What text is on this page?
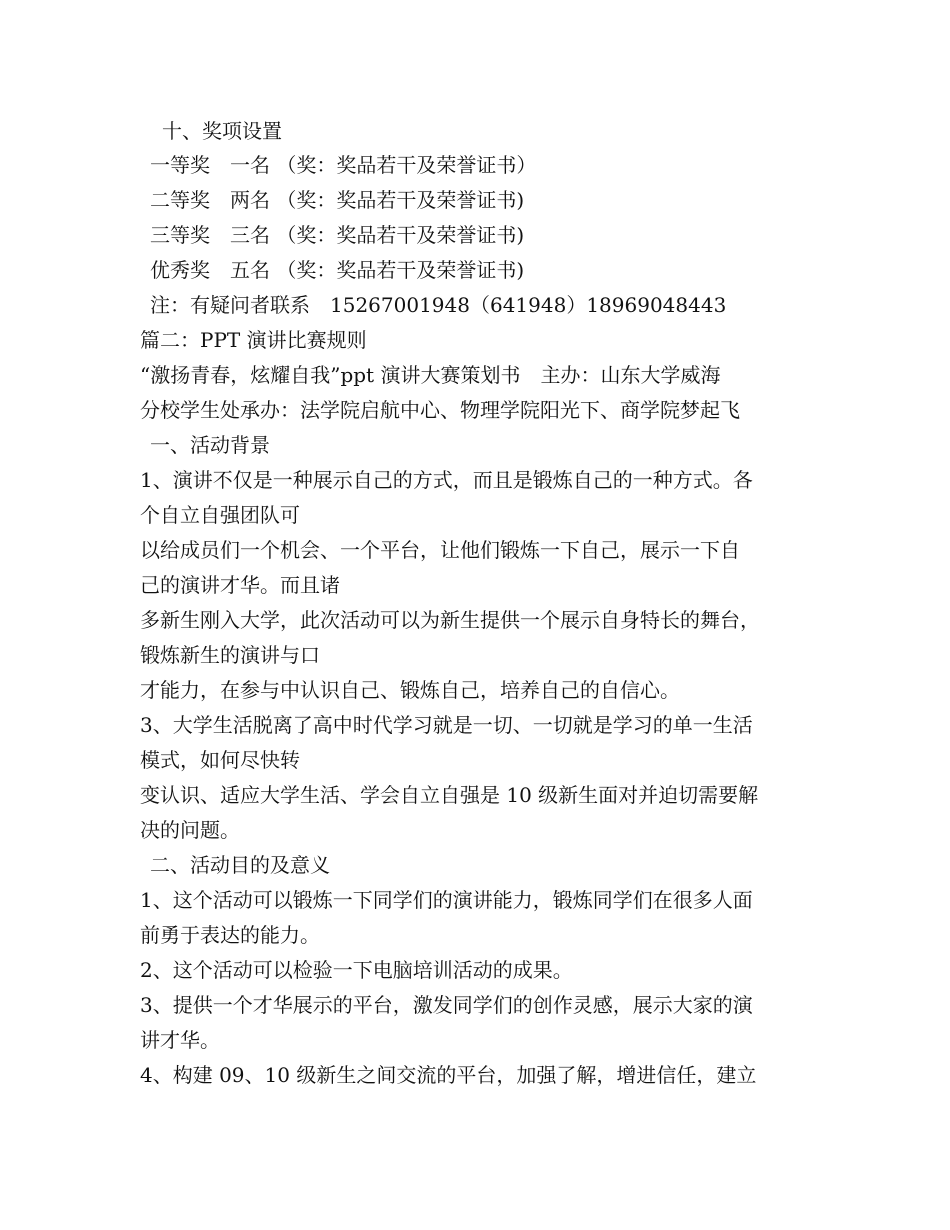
十、奖项设置
一等奖　一名 （奖：奖品若干及荣誉证书）
二等奖　两名 （奖：奖品若干及荣誉证书)
三等奖　三名 （奖：奖品若干及荣誉证书)
优秀奖　五名 （奖：奖品若干及荣誉证书)
注：有疑问者联系　15267001948（641948）18969048443
篇二：PPT 演讲比赛规则
“激扬青春，炫耀自我”ppt 演讲大赛策划书　主办：山东大学威海
分校学生处承办：法学院启航中心、物理学院阳光下、商学院梦起飞
一、活动背景
1、演讲不仅是一种展示自己的方式，而且是锻炼自己的一种方式。各
个自立自强团队可
以给成员们一个机会、一个平台，让他们锻炼一下自己，展示一下自
己的演讲才华。而且诸
多新生刚入大学，此次活动可以为新生提供一个展示自身特长的舞台，
锻炼新生的演讲与口
才能力，在参与中认识自己、锻炼自己，培养自己的自信心。
3、大学生活脱离了高中时代学习就是一切、一切就是学习的单一生活
模式，如何尽快转
变认识、适应大学生活、学会自立自强是 10 级新生面对并迫切需要解
决的问题。
二、活动目的及意义
1、这个活动可以锻炼一下同学们的演讲能力，锻炼同学们在很多人面
前勇于表达的能力。
2、这个活动可以检验一下电脑培训活动的成果。
3、提供一个才华展示的平台，激发同学们的创作灵感，展示大家的演
讲才华。
4、构建 09、10 级新生之间交流的平台，加强了解，增进信任，建立
